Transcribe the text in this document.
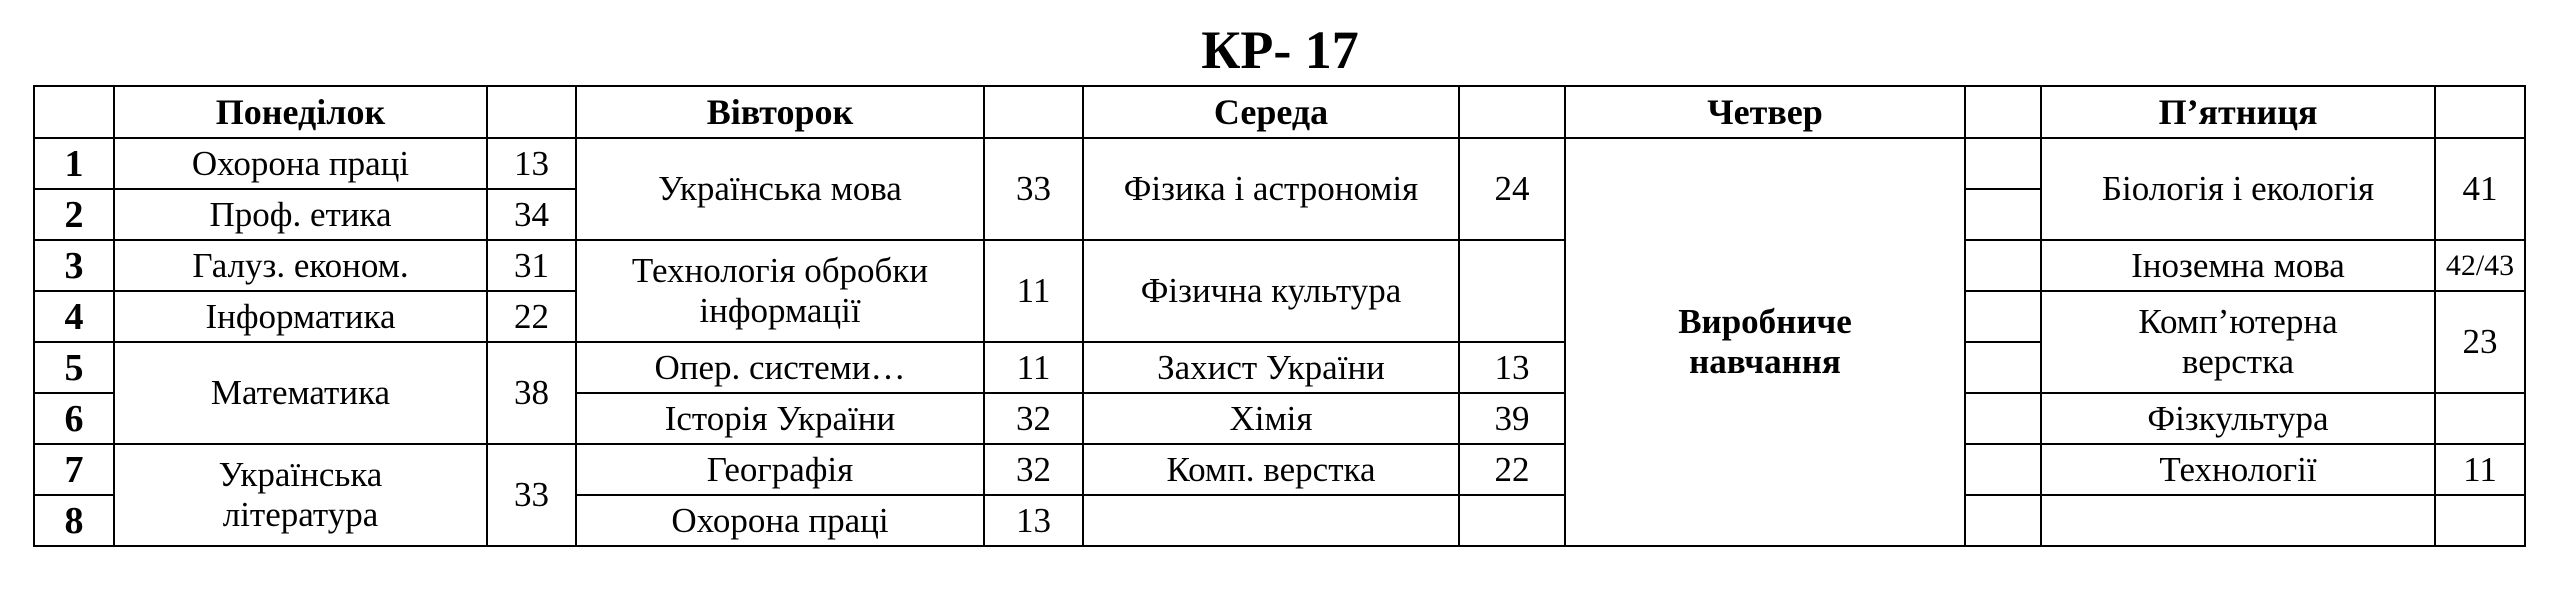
КР- 17
	Понеділок		Вівторок		Середа		Четвер		П’ятниця	
1	Охорона праці	13	Українська мова	33	Фізика і астрономія	24	Виробниче навчання		Біологія і екологія	41
2	Проф. етика	34								
3	Галуз. економ.	31	Технологія обробки інформації	11	Фізична культура				Іноземна мова	42/43
4	Інформатика	22							Комп’ютерна верстка	23
5	Математика	38	Опер. системи…	11	Захист України	13				
6			Історія України	32	Хімія	39			Фізкультура	
7	Українська література	33	Географія	32	Комп. верстка	22			Технології	11
8			Охорона праці	13						
